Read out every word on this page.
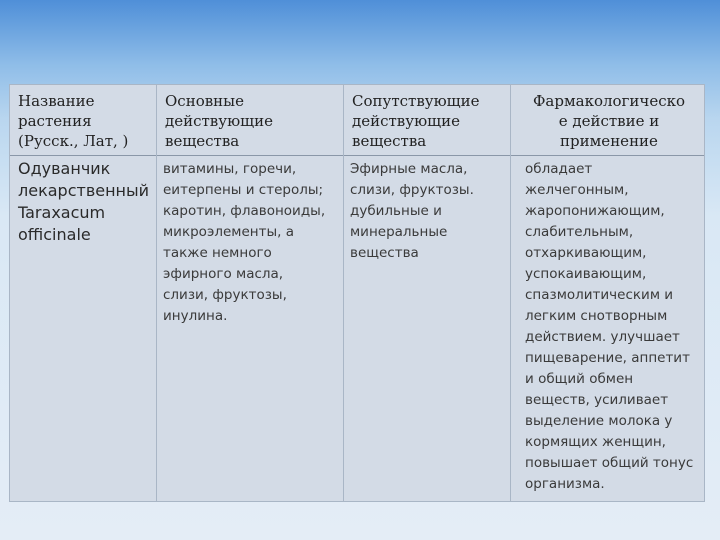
Название
растения
(Русск., Лат, )
Одуванчик
лекарственный
Taraxacum
officinale
Основные
действующие
вещества
витамины, горечи,
еитерпены и стеролы;
каротин, флавоноиды,
микроэлементы, а
также немного
эфирного масла,
слизи, фруктозы,
инулина.
Сопутствующие
действующие
вещества
Эфирные масла,
слизи, фруктозы.
дубильные и
минеральные
вещества
Фармакологическо
е действие и
применение
обладает
желчегонным,
жаропонижающим,
слабительным,
отхаркивающим,
успокаивающим,
спазмолитическим и
легким снотворным
действием. улучшает
пищеварение, аппетит
и общий обмен
веществ, усиливает
выделение молока у
кормящих женщин,
повышает общий тонус
организма.
